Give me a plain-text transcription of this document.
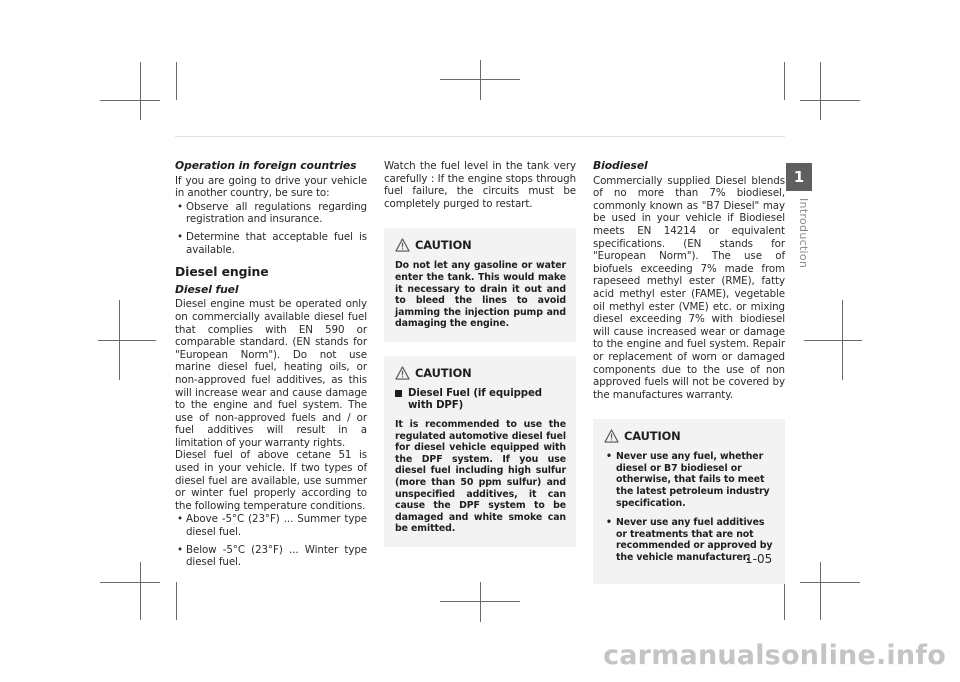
Operation in foreign countries

If you are going to drive your vehicle in another country, be sure to:

• Observe all regulations regarding registration and insurance.
• Determine that acceptable fuel is available.
Diesel engine
Diesel fuel

Diesel engine must be operated only on commercially available diesel fuel that complies with EN 590 or comparable standard. (EN stands for "European Norm"). Do not use marine diesel fuel, heating oils, or non-approved fuel additives, as this will increase wear and cause damage to the engine and fuel system. The use of non-approved fuels and / or fuel additives will result in a limitation of your warranty rights.

Diesel fuel of above cetane 51 is used in your vehicle. If two types of diesel fuel are available, use summer or winter fuel properly according to the following temperature conditions.

• Above -5°C (23°F) ... Summer type diesel fuel.
• Below -5°C (23°F) ... Winter type diesel fuel.

Watch the fuel level in the tank very carefully : If the engine stops through fuel failure, the circuits must be completely purged to restart.

CAUTION

Do not let any gasoline or water enter the tank. This would make it necessary to drain it out and to bleed the lines to avoid jamming the injection pump and damaging the engine.

CAUTION
Diesel Fuel (if equipped with DPF)

It is recommended to use the regulated automotive diesel fuel for diesel vehicle equipped with the DPF system. If you use diesel fuel including high sulfur (more than 50 ppm sulfur) and unspecified additives, it can cause the DPF system to be damaged and white smoke can be emitted.

Biodiesel

Commercially supplied Diesel blends of no more than 7% biodiesel, commonly known as "B7 Diesel" may be used in your vehicle if Biodiesel meets EN 14214 or equivalent specifications. (EN stands for "European Norm"). The use of biofuels exceeding 7% made from rapeseed methyl ester (RME), fatty acid methyl ester (FAME), vegetable oil methyl ester (VME) etc. or mixing diesel exceeding 7% with biodiesel will cause increased wear or damage to the engine and fuel system. Repair or replacement of worn or damaged components due to the use of non approved fuels will not be covered by the manufactures warranty.

CAUTION
• Never use any fuel, whether diesel or B7 biodiesel or otherwise, that fails to meet the latest petroleum industry specification.
• Never use any fuel additives or treatments that are not recommended or approved by the vehicle manufacturer.
1
Introduction
1-05
carmanualsonline.info
